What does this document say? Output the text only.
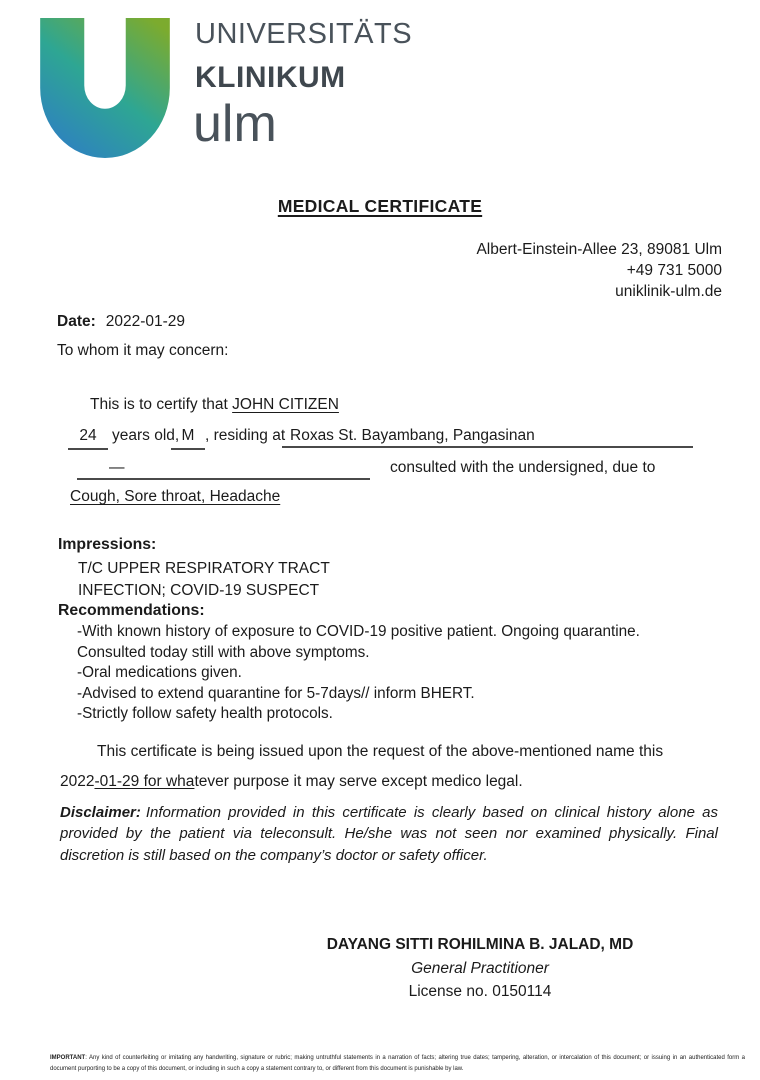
UNIVERSITÄTS
KLINIKUM
ulm
MEDICAL CERTIFICATE
Albert-Einstein-Allee 23, 89081 Ulm
+49 731 5000
uniklinik-ulm.de
Date: 2022-01-29
To whom it may concern:
This is to certify that JOHN CITIZEN
24 years old, M , residing at Roxas St. Bayambang, Pangasinan
—	consulted with the undersigned, due to
Cough, Sore throat, Headache
Impressions:
T/C UPPER RESPIRATORY TRACT
INFECTION; COVID-19 SUSPECT
Recommendations:
-With known history of exposure to COVID-19 positive patient. Ongoing quarantine.
Consulted today still with above symptoms.
-Oral medications given.
-Advised to extend quarantine for 5-7days// inform BHERT.
-Strictly follow safety health protocols.
This certificate is being issued upon the request of the above-mentioned name this
2022-01-29 for whatever purpose it may serve except medico legal.
Disclaimer: Information provided in this certificate is clearly based on clinical history alone as provided by the patient via teleconsult. He/she was not seen nor examined physically. Final discretion is still based on the company’s doctor or safety officer.
DAYANG SITTI ROHILMINA B. JALAD, MD
General Practitioner
License no. 0150114
IMPORTANT: Any kind of counterfeiting or imitating any handwriting, signature or rubric; making untruthful statements in a narration of facts; altering true dates; tampering, alteration, or intercalation of this document; or issuing in an authenticated form a document purporting to be a copy of this document, or including in such a copy a statement contrary to, or different from this document is punishable by law.
